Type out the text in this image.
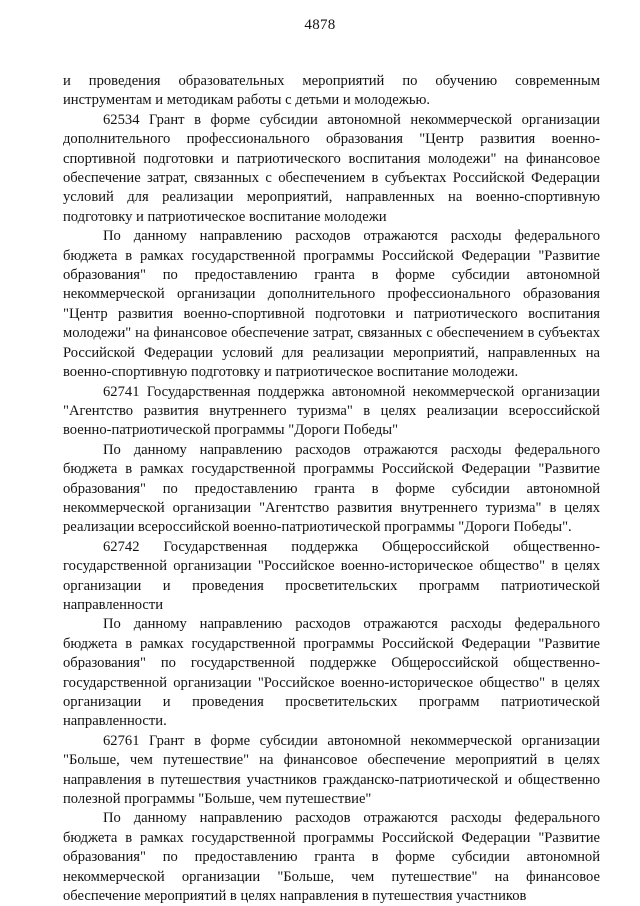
4878

и проведения образовательных мероприятий по обучению современным инструментам и методикам работы с детьми и молодежью.

62534 Грант в форме субсидии автономной некоммерческой организации дополнительного профессионального образования "Центр развития военно-спортивной подготовки и патриотического воспитания молодежи" на финансовое обеспечение затрат, связанных с обеспечением в субъектах Российской Федерации условий для реализации мероприятий, направленных на военно-спортивную подготовку и патриотическое воспитание молодежи

По данному направлению расходов отражаются расходы федерального бюджета в рамках государственной программы Российской Федерации "Развитие образования" по предоставлению гранта в форме субсидии автономной некоммерческой организации дополнительного профессионального образования "Центр развития военно-спортивной подготовки и патриотического воспитания молодежи" на финансовое обеспечение затрат, связанных с обеспечением в субъектах Российской Федерации условий для реализации мероприятий, направленных на военно-спортивную подготовку и патриотическое воспитание молодежи.

62741 Государственная поддержка автономной некоммерческой организации "Агентство развития внутреннего туризма" в целях реализации всероссийской военно-патриотической программы "Дороги Победы"

По данному направлению расходов отражаются расходы федерального бюджета в рамках государственной программы Российской Федерации "Развитие образования" по предоставлению гранта в форме субсидии автономной некоммерческой организации "Агентство развития внутреннего туризма" в целях реализации всероссийской военно-патриотической программы "Дороги Победы".

62742 Государственная поддержка Общероссийской общественно-государственной организации "Российское военно-историческое общество" в целях организации и проведения просветительских программ патриотической направленности

По данному направлению расходов отражаются расходы федерального бюджета в рамках государственной программы Российской Федерации "Развитие образования" по государственной поддержке Общероссийской общественно-государственной организации "Российское военно-историческое общество" в целях организации и проведения просветительских программ патриотической направленности.

62761 Грант в форме субсидии автономной некоммерческой организации "Больше, чем путешествие" на финансовое обеспечение мероприятий в целях направления в путешествия участников гражданско-патриотической и общественно полезной программы "Больше, чем путешествие"

По данному направлению расходов отражаются расходы федерального бюджета в рамках государственной программы Российской Федерации "Развитие образования" по предоставлению гранта в форме субсидии автономной некоммерческой организации "Больше, чем путешествие" на финансовое обеспечение мероприятий в целях направления в путешествия участников
